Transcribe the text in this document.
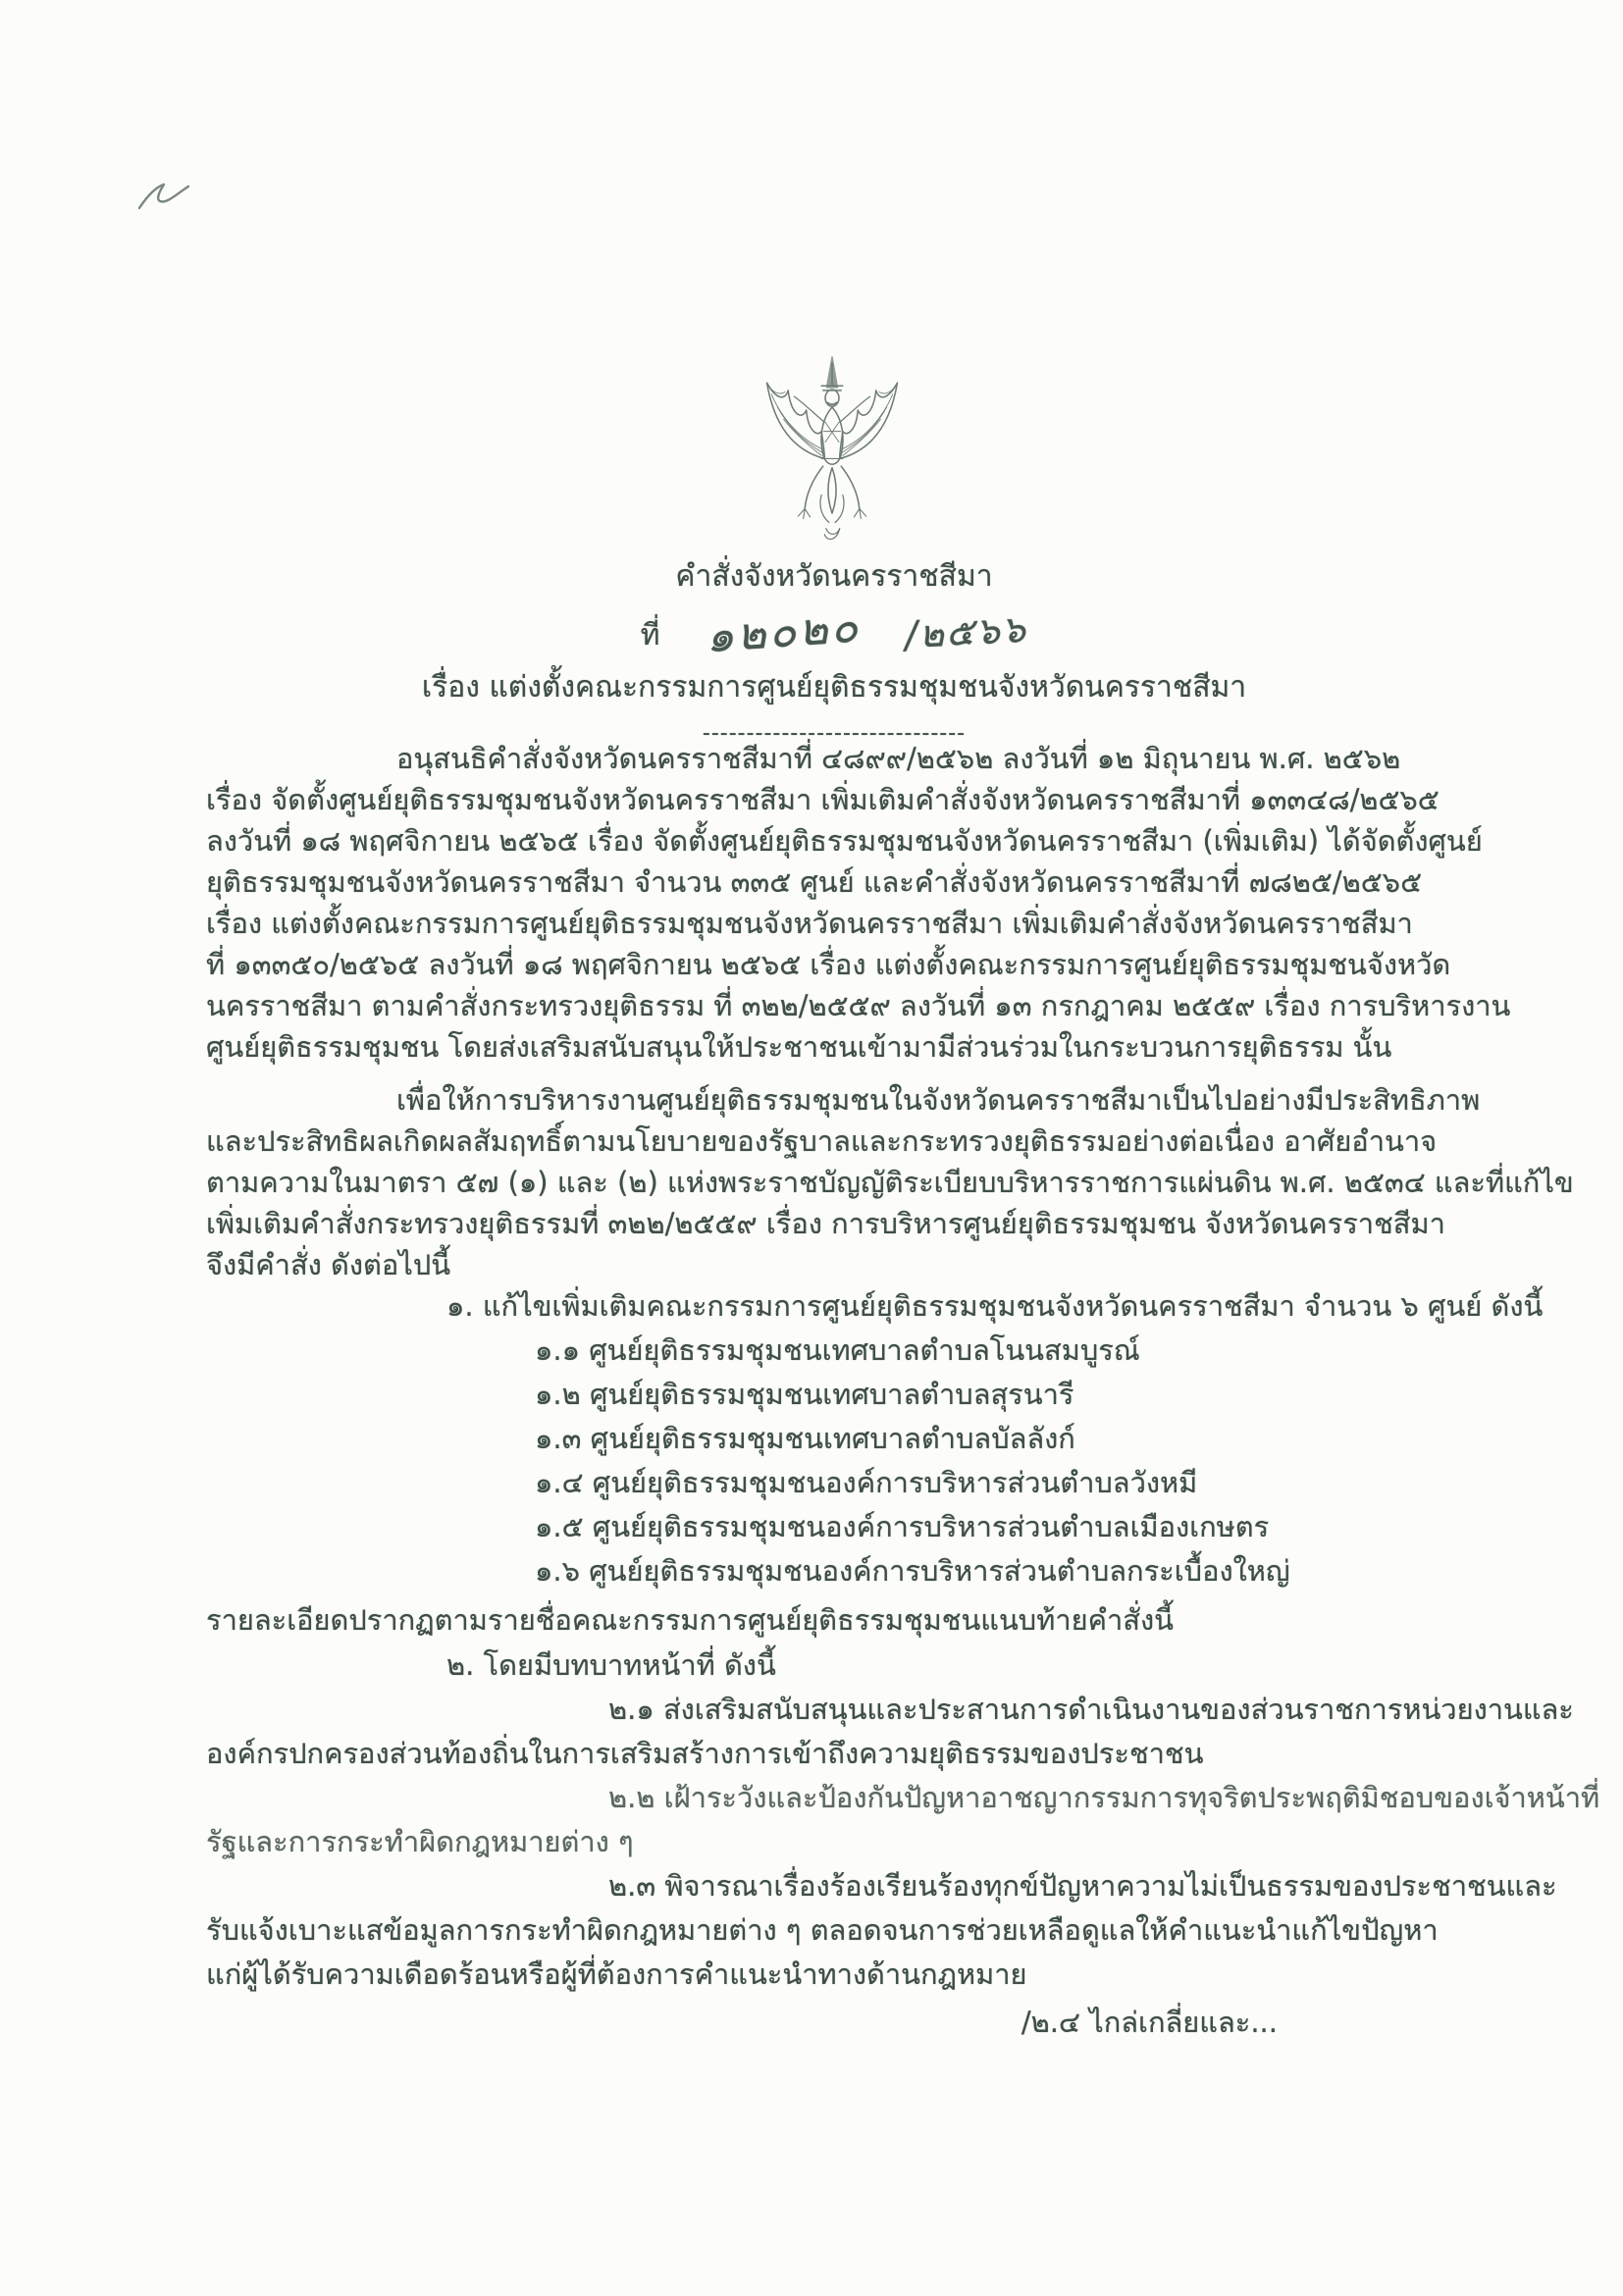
คำสั่งจังหวัดนครราชสีมา
ที่ ๑๒๐๒๐ /๒๕๖๖
เรื่อง แต่งตั้งคณะกรรมการศูนย์ยุติธรรมชุมชนจังหวัดนครราชสีมา
------------------------------
อนุสนธิคำสั่งจังหวัดนครราชสีมาที่ ๔๘๙๙/๒๕๖๒ ลงวันที่ ๑๒ มิถุนายน พ.ศ. ๒๕๖๒
เรื่อง จัดตั้งศูนย์ยุติธรรมชุมชนจังหวัดนครราชสีมา เพิ่มเติมคำสั่งจังหวัดนครราชสีมาที่ ๑๓๓๔๘/๒๕๖๕
ลงวันที่ ๑๘ พฤศจิกายน ๒๕๖๕ เรื่อง จัดตั้งศูนย์ยุติธรรมชุมชนจังหวัดนครราชสีมา (เพิ่มเติม) ได้จัดตั้งศูนย์
ยุติธรรมชุมชนจังหวัดนครราชสีมา จำนวน ๓๓๕ ศูนย์ และคำสั่งจังหวัดนครราชสีมาที่ ๗๘๒๕/๒๕๖๕
เรื่อง แต่งตั้งคณะกรรมการศูนย์ยุติธรรมชุมชนจังหวัดนครราชสีมา เพิ่มเติมคำสั่งจังหวัดนครราชสีมา
ที่ ๑๓๓๕๐/๒๕๖๕ ลงวันที่ ๑๘ พฤศจิกายน ๒๕๖๕ เรื่อง แต่งตั้งคณะกรรมการศูนย์ยุติธรรมชุมชนจังหวัด
นครราชสีมา ตามคำสั่งกระทรวงยุติธรรม ที่ ๓๒๒/๒๕๕๙ ลงวันที่ ๑๓ กรกฎาคม ๒๕๕๙ เรื่อง การบริหารงาน
ศูนย์ยุติธรรมชุมชน โดยส่งเสริมสนับสนุนให้ประชาชนเข้ามามีส่วนร่วมในกระบวนการยุติธรรม นั้น
เพื่อให้การบริหารงานศูนย์ยุติธรรมชุมชนในจังหวัดนครราชสีมาเป็นไปอย่างมีประสิทธิภาพ
และประสิทธิผลเกิดผลสัมฤทธิ์ตามนโยบายของรัฐบาลและกระทรวงยุติธรรมอย่างต่อเนื่อง อาศัยอำนาจ
ตามความในมาตรา ๕๗ (๑) และ (๒) แห่งพระราชบัญญัติระเบียบบริหารราชการแผ่นดิน พ.ศ. ๒๕๓๔ และที่แก้ไข
เพิ่มเติมคำสั่งกระทรวงยุติธรรมที่ ๓๒๒/๒๕๕๙ เรื่อง การบริหารศูนย์ยุติธรรมชุมชน จังหวัดนครราชสีมา
จึงมีคำสั่ง ดังต่อไปนี้
๑. แก้ไขเพิ่มเติมคณะกรรมการศูนย์ยุติธรรมชุมชนจังหวัดนครราชสีมา จำนวน ๖ ศูนย์ ดังนี้
๑.๑ ศูนย์ยุติธรรมชุมชนเทศบาลตำบลโนนสมบูรณ์
๑.๒ ศูนย์ยุติธรรมชุมชนเทศบาลตำบลสุรนารี
๑.๓ ศูนย์ยุติธรรมชุมชนเทศบาลตำบลบัลลังก์
๑.๔ ศูนย์ยุติธรรมชุมชนองค์การบริหารส่วนตำบลวังหมี
๑.๕ ศูนย์ยุติธรรมชุมชนองค์การบริหารส่วนตำบลเมืองเกษตร
๑.๖ ศูนย์ยุติธรรมชุมชนองค์การบริหารส่วนตำบลกระเบื้องใหญ่
รายละเอียดปรากฏตามรายชื่อคณะกรรมการศูนย์ยุติธรรมชุมชนแนบท้ายคำสั่งนี้
๒. โดยมีบทบาทหน้าที่ ดังนี้
๒.๑ ส่งเสริมสนับสนุนและประสานการดำเนินงานของส่วนราชการหน่วยงานและ
องค์กรปกครองส่วนท้องถิ่นในการเสริมสร้างการเข้าถึงความยุติธรรมของประชาชน
๒.๒ เฝ้าระวังและป้องกันปัญหาอาชญากรรมการทุจริตประพฤติมิชอบของเจ้าหน้าที่
รัฐและการกระทำผิดกฎหมายต่าง ๆ
๒.๓ พิจารณาเรื่องร้องเรียนร้องทุกข์ปัญหาความไม่เป็นธรรมของประชาชนและ
รับแจ้งเบาะแสข้อมูลการกระทำผิดกฎหมายต่าง ๆ ตลอดจนการช่วยเหลือดูแลให้คำแนะนำแก้ไขปัญหา
แก่ผู้ได้รับความเดือดร้อนหรือผู้ที่ต้องการคำแนะนำทางด้านกฎหมาย
/๒.๔ ไกล่เกลี่ยและ...
